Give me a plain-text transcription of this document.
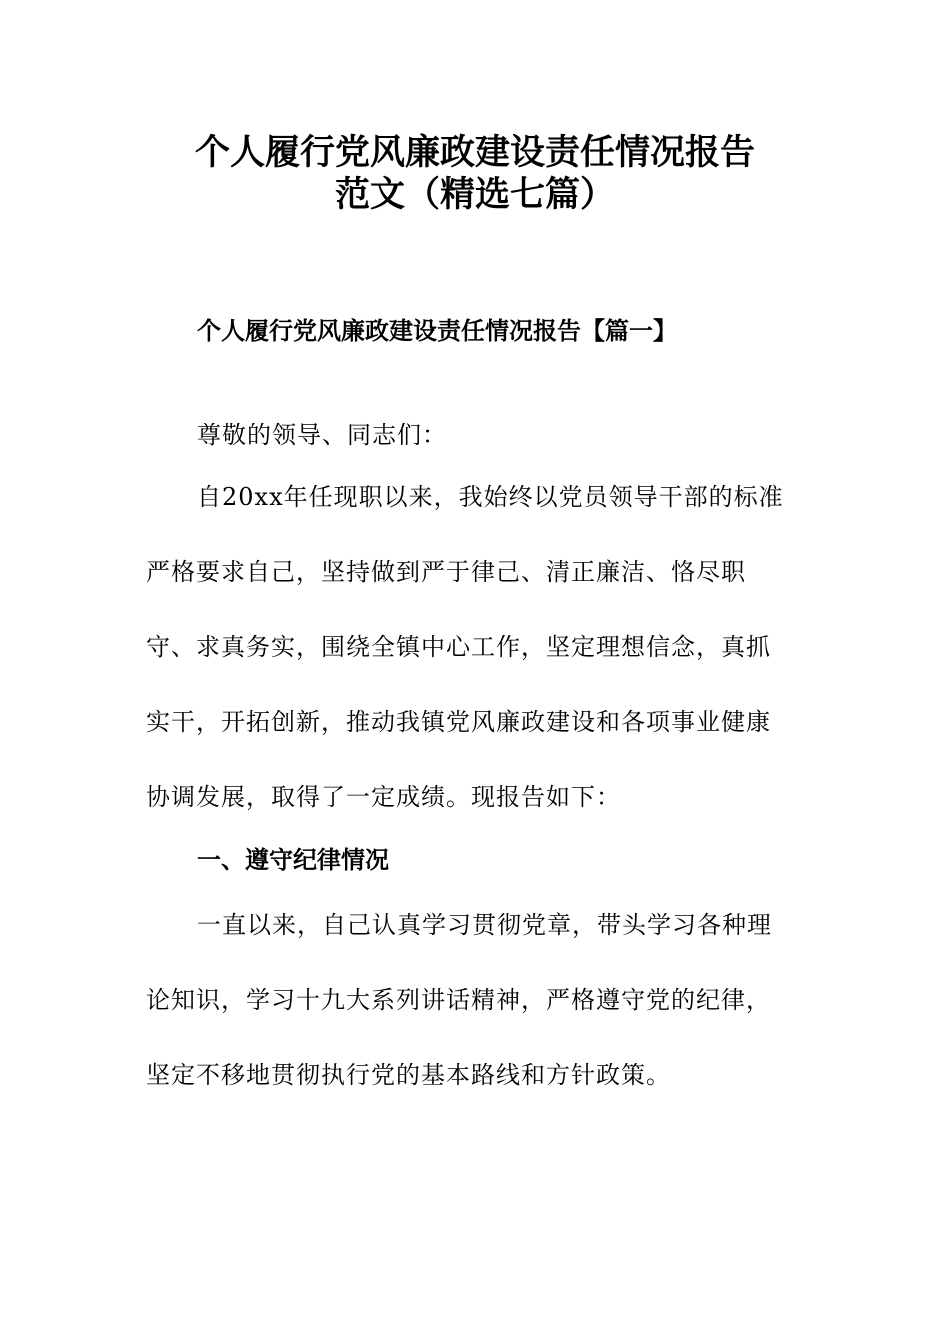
个人履行党风廉政建设责任情况报告
范文（精选七篇）
个人履行党风廉政建设责任情况报告【篇一】
尊敬的领导、同志们：
自20xx年任现职以来，我始终以党员领导干部的标准
严格要求自己，坚持做到严于律己、清正廉洁、恪尽职
守、求真务实，围绕全镇中心工作，坚定理想信念，真抓
实干，开拓创新，推动我镇党风廉政建设和各项事业健康
协调发展，取得了一定成绩。现报告如下：
一、遵守纪律情况
一直以来，自己认真学习贯彻党章，带头学习各种理
论知识，学习十九大系列讲话精神，严格遵守党的纪律，
坚定不移地贯彻执行党的基本路线和方针政策。
